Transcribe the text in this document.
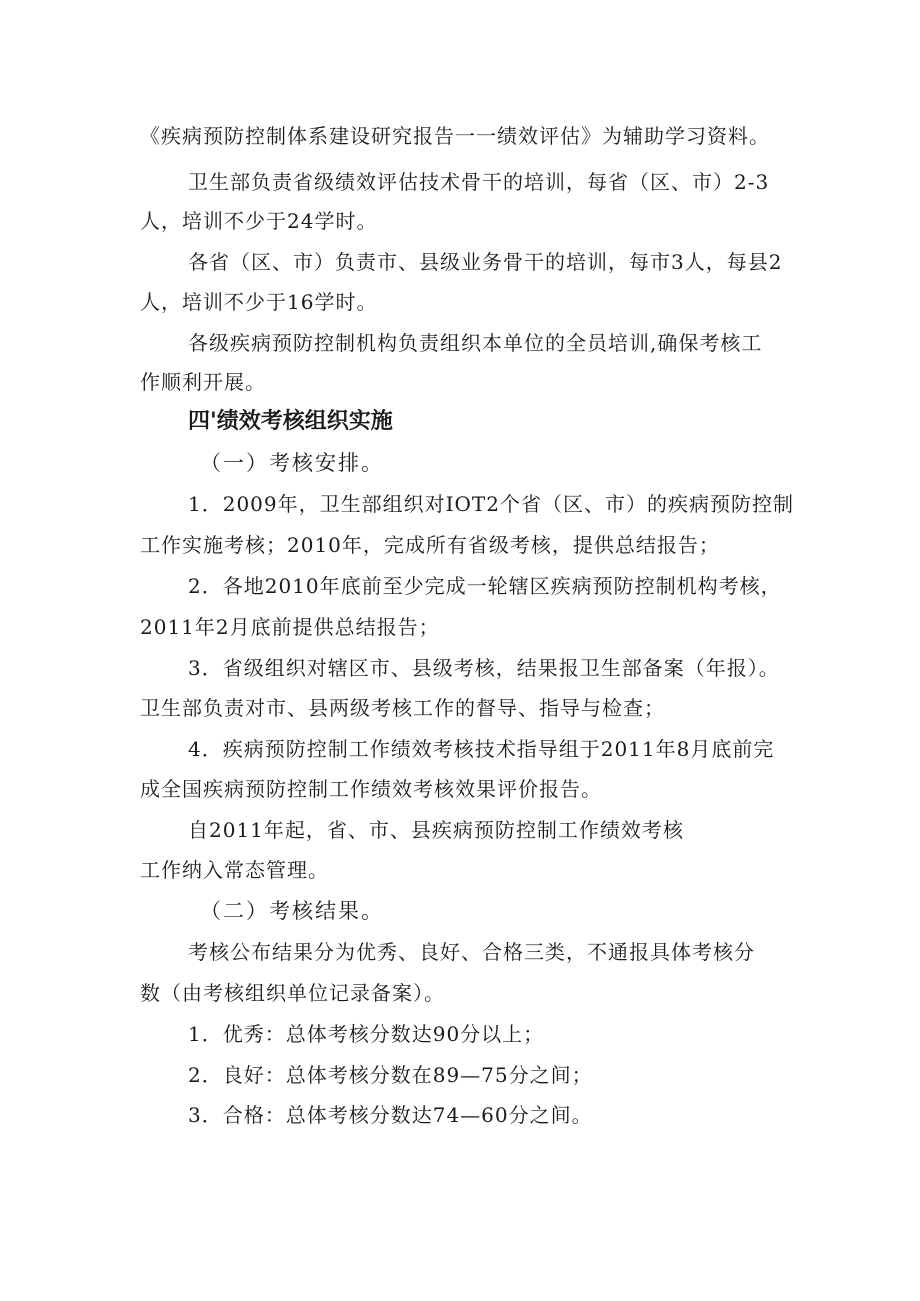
《疾病预防控制体系建设研究报告一一绩效评估》为辅助学习资料。
卫生部负责省级绩效评估技术骨干的培训，每省（区、市）2-3
人，培训不少于24学时。
各省（区、市）负责市、县级业务骨干的培训，每市3人，每县2
人，培训不少于16学时。
各级疾病预防控制机构负责组织本单位的全员培训,确保考核工
作顺利开展。
四'绩效考核组织实施
（一）考核安排。
1．2009年，卫生部组织对IOT2个省（区、市）的疾病预防控制
工作实施考核；2010年，完成所有省级考核，提供总结报告；
2．各地2010年底前至少完成一轮辖区疾病预防控制机构考核，
2011年2月底前提供总结报告；
3．省级组织对辖区市、县级考核，结果报卫生部备案（年报）。
卫生部负责对市、县两级考核工作的督导、指导与检查；
4．疾病预防控制工作绩效考核技术指导组于2011年8月底前完
成全国疾病预防控制工作绩效考核效果评价报告。
自2011年起，省、市、县疾病预防控制工作绩效考核
工作纳入常态管理。
（二）考核结果。
考核公布结果分为优秀、良好、合格三类，不通报具体考核分
数（由考核组织单位记录备案）。
1．优秀：总体考核分数达90分以上；
2．良好：总体考核分数在89—75分之间；
3．合格：总体考核分数达74—60分之间。
